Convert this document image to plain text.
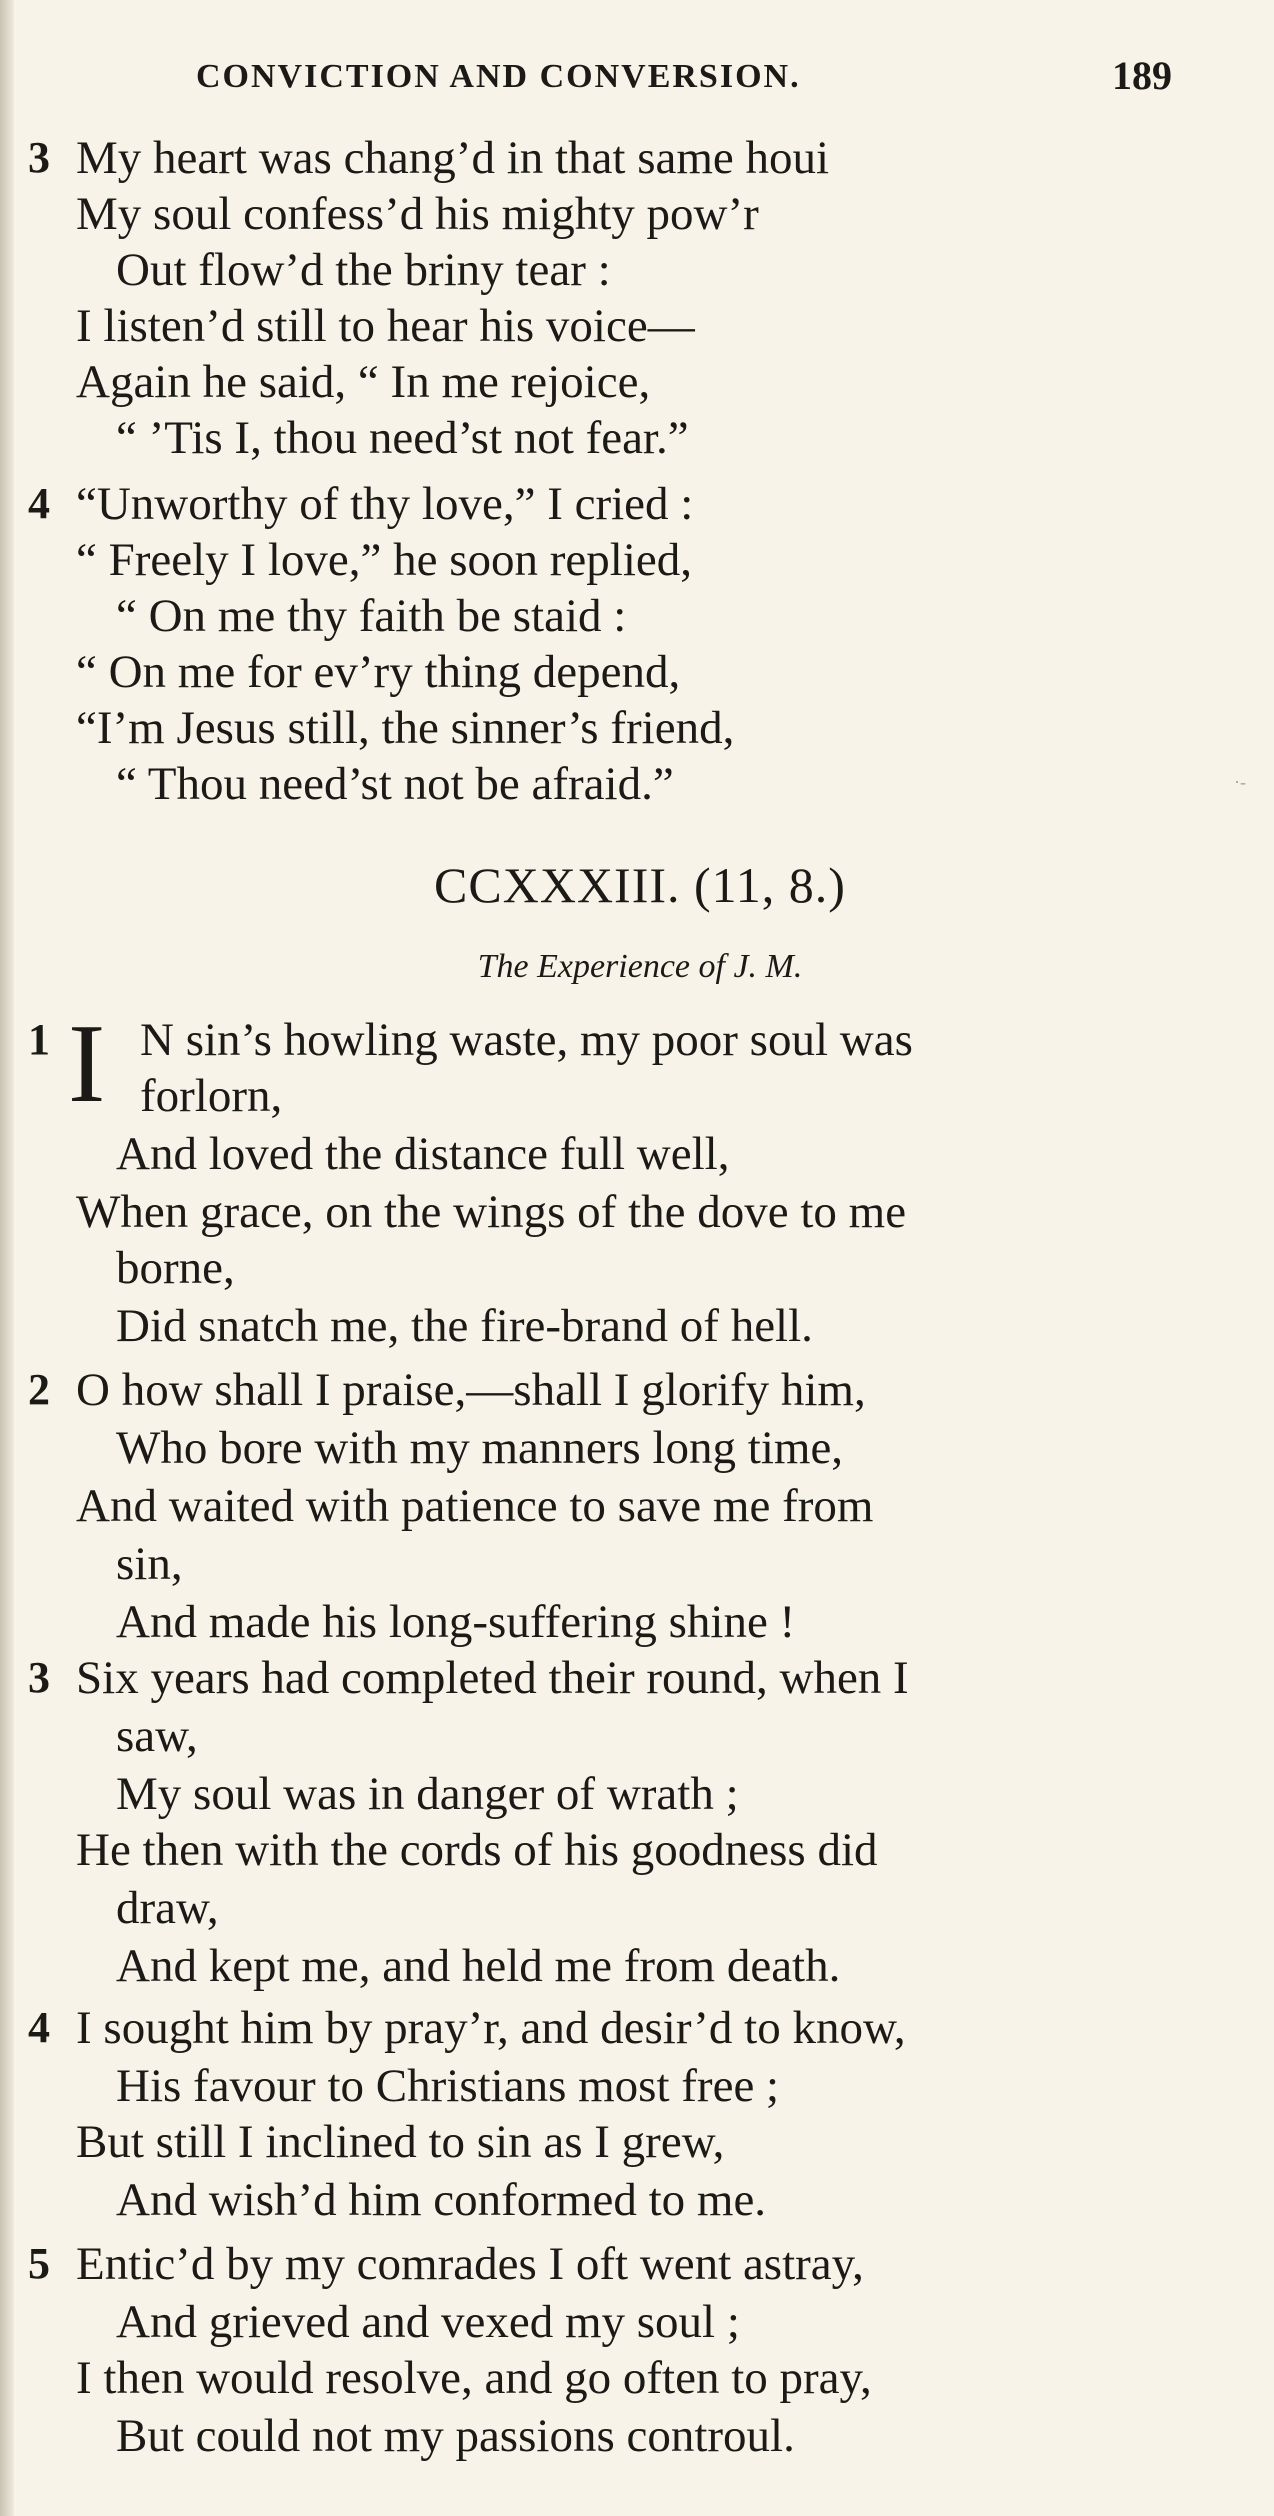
CONVICTION AND CONVERSION.	189
3 My heart was chang’d in that same houi
My soul confess’d his mighty pow’r
Out flow’d the briny tear :
I listen’d still to hear his voice—
Again he said, “ In me rejoice,
“ ’Tis I, thou need’st not fear.”
4 “Unworthy of thy love,” I cried :
“ Freely I love,” he soon replied,
“ On me thy faith be staid :
“ On me for ev’ry thing depend,
“I’m Jesus still, the sinner’s friend,
“ Thou need’st not be afraid.”	·-
CCXXXIII. (11, 8.)
The Experience of J. M.
1 I N sin’s howling waste, my poor soul was
forlorn,
And loved the distance full well,
When grace, on the wings of the dove to me
borne,
Did snatch me, the fire-brand of hell.
2 O how shall I praise,—shall I glorify him,
Who bore with my manners long time,
And waited with patience to save me from
sin,
And made his long-suffering shine !
3 Six years had completed their round, when I
saw,
My soul was in danger of wrath ;
He then with the cords of his goodness did
draw,
And kept me, and held me from death.
4 I sought him by pray’r, and desir’d to know,
His favour to Christians most free ;
But still I inclined to sin as I grew,
And wish’d him conformed to me.
5 Entic’d by my comrades I oft went astray,
And grieved and vexed my soul ;
I then would resolve, and go often to pray,
But could not my passions controul.
